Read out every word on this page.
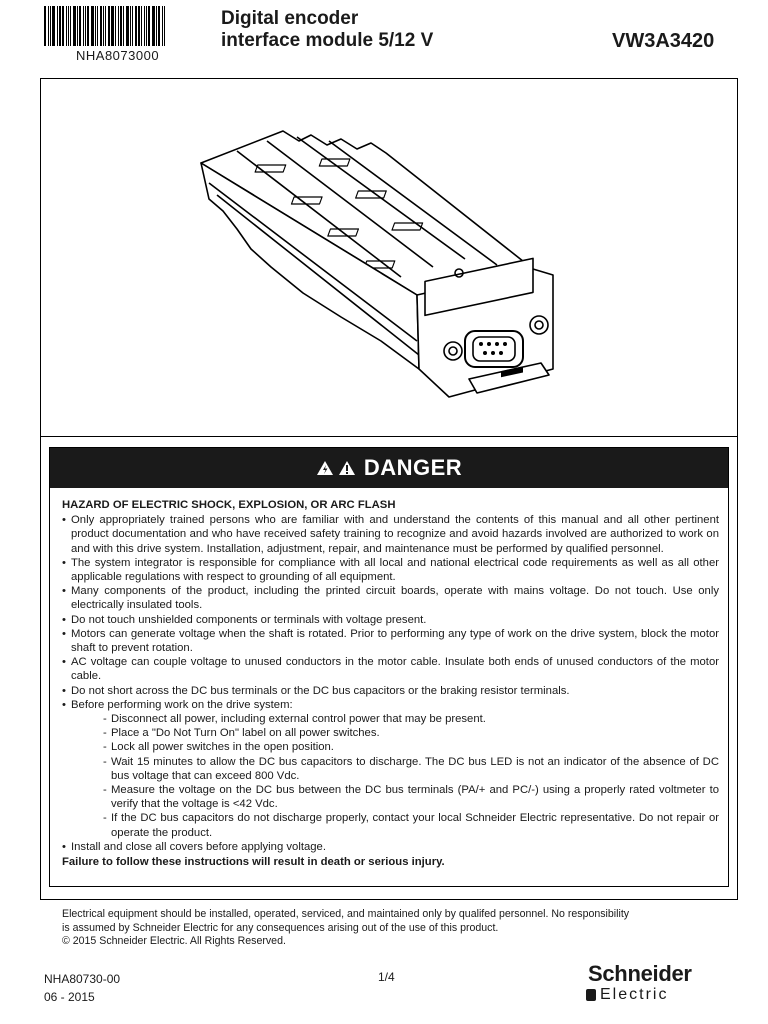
NHA8073000
Digital encoder
interface module 5/12 V	VW3A3420
DANGER
HAZARD OF ELECTRIC SHOCK, EXPLOSION, OR ARC FLASH
• Only appropriately trained persons who are familiar with and understand the contents of this manual and all other pertinent product documentation and who have received safety training to recognize and avoid hazards involved are authorized to work on and with this drive system. Installation, adjustment, repair, and maintenance must be performed by qualified personnel.
• The system integrator is responsible for compliance with all local and national electrical code requirements as well as all other applicable regulations with respect to grounding of all equipment.
• Many components of the product, including the printed circuit boards, operate with mains voltage. Do not touch. Use only electrically insulated tools.
• Do not touch unshielded components or terminals with voltage present.
• Motors can generate voltage when the shaft is rotated. Prior to performing any type of work on the drive system, block the motor shaft to prevent rotation.
• AC voltage can couple voltage to unused conductors in the motor cable. Insulate both ends of unused conductors of the motor cable.
• Do not short across the DC bus terminals or the DC bus capacitors or the braking resistor terminals.
• Before performing work on the drive system:
- Disconnect all power, including external control power that may be present.
- Place a "Do Not Turn On" label on all power switches.
- Lock all power switches in the open position.
- Wait 15 minutes to allow the DC bus capacitors to discharge. The DC bus LED is not an indicator of the absence of DC bus voltage that can exceed 800 Vdc.
- Measure the voltage on the DC bus between the DC bus terminals (PA/+ and PC/-) using a properly rated voltmeter to verify that the voltage is <42 Vdc.
- If the DC bus capacitors do not discharge properly, contact your local Schneider Electric representative. Do not repair or operate the product.
• Install and close all covers before applying voltage.
Failure to follow these instructions will result in death or serious injury.
Electrical equipment should be installed, operated, serviced, and maintained only by qualifed personnel. No responsibility
is assumed by Schneider Electric for any consequences arising out of the use of this product.
© 2015 Schneider Electric. All Rights Reserved.
NHA80730-00
06 - 2015
1/4	Schneider
Electric
